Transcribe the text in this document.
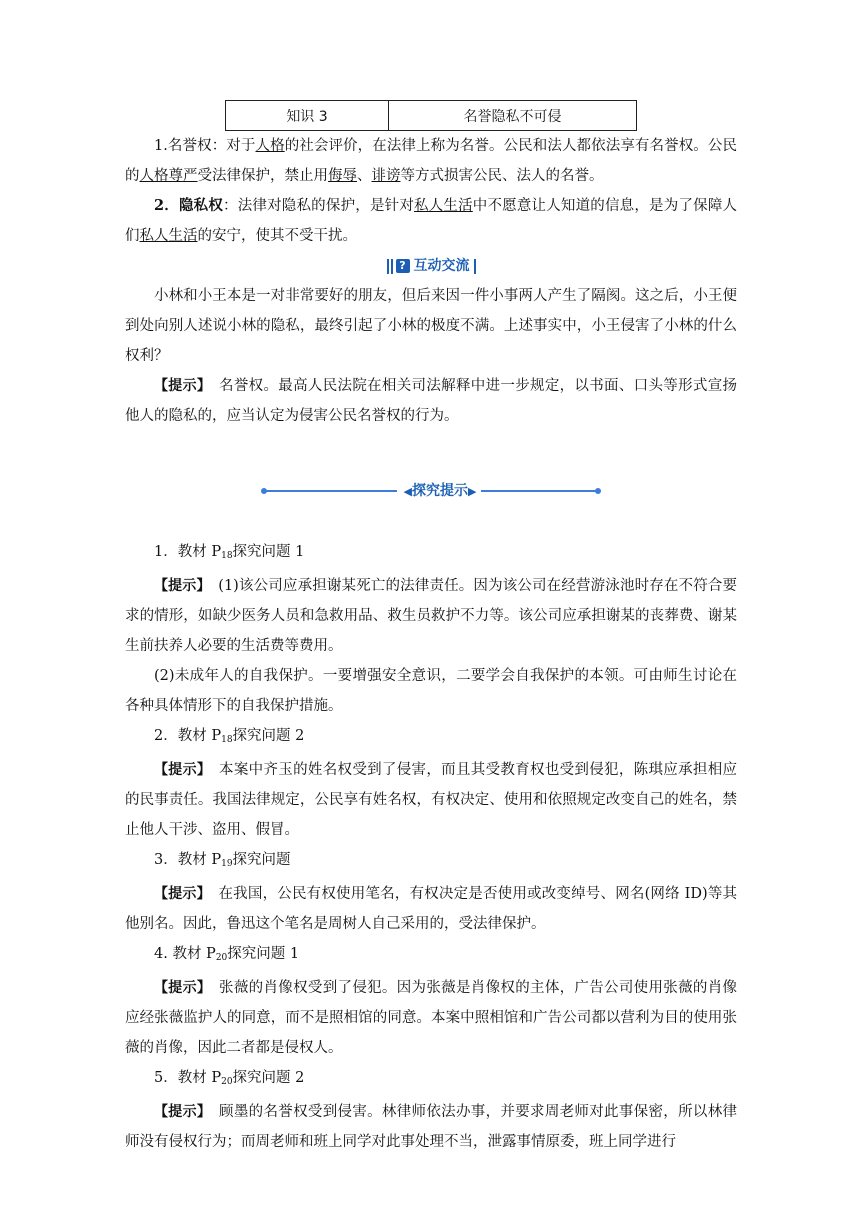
知识 3	名誉隐私不可侵

1.名誉权：对于人格的社会评价，在法律上称为名誉。公民和法人都依法享有名誉权。公民的人格尊严受法律保护，禁止用侮辱、诽谤等方式损害公民、法人的名誉。

2．隐私权：法律对隐私的保护，是针对私人生活中不愿意让人知道的信息，是为了保障人们私人生活的安宁，使其不受干扰。

? 互动交流

小林和小王本是一对非常要好的朋友，但后来因一件小事两人产生了隔阂。这之后，小王便到处向别人述说小林的隐私，最终引起了小林的极度不满。上述事实中，小王侵害了小林的什么权利？

【提示】　 名誉权。最高人民法院在相关司法解释中进一步规定，以书面、口头等形式宣扬他人的隐私的，应当认定为侵害公民名誉权的行为。

◀探究提示▶

1．教材 $P_{18}$探究问题 1

【提示】　 (1)该公司应承担谢某死亡的法律责任。因为该公司在经营游泳池时存在不符合要求的情形，如缺少医务人员和急救用品、救生员救护不力等。该公司应承担谢某的丧葬费、谢某生前扶养人必要的生活费等费用。

(2)未成年人的自我保护。一要增强安全意识，二要学会自我保护的本领。可由师生讨论在各种具体情形下的自我保护措施。

2．教材 $P_{18}$探究问题 2

【提示】　 本案中齐玉的姓名权受到了侵害，而且其受教育权也受到侵犯，陈琪应承担相应的民事责任。我国法律规定，公民享有姓名权，有权决定、使用和依照规定改变自己的姓名，禁止他人干涉、盗用、假冒。

3．教材 $P_{19}$探究问题

【提示】　 在我国，公民有权使用笔名，有权决定是否使用或改变绰号、网名(网络 ID)等其他别名。因此，鲁迅这个笔名是周树人自己采用的，受法律保护。

4. 教材 $P_{20}$探究问题 1

【提示】　 张薇的肖像权受到了侵犯。因为张薇是肖像权的主体，广告公司使用张薇的肖像应经张薇监护人的同意，而不是照相馆的同意。本案中照相馆和广告公司都以营利为目的使用张薇的肖像，因此二者都是侵权人。

5．教材 $P_{20}$探究问题 2

【提示】　 顾墨的名誉权受到侵害。林律师依法办事，并要求周老师对此事保密，所以林律师没有侵权行为；而周老师和班上同学对此事处理不当，泄露事情原委，班上同学进行
